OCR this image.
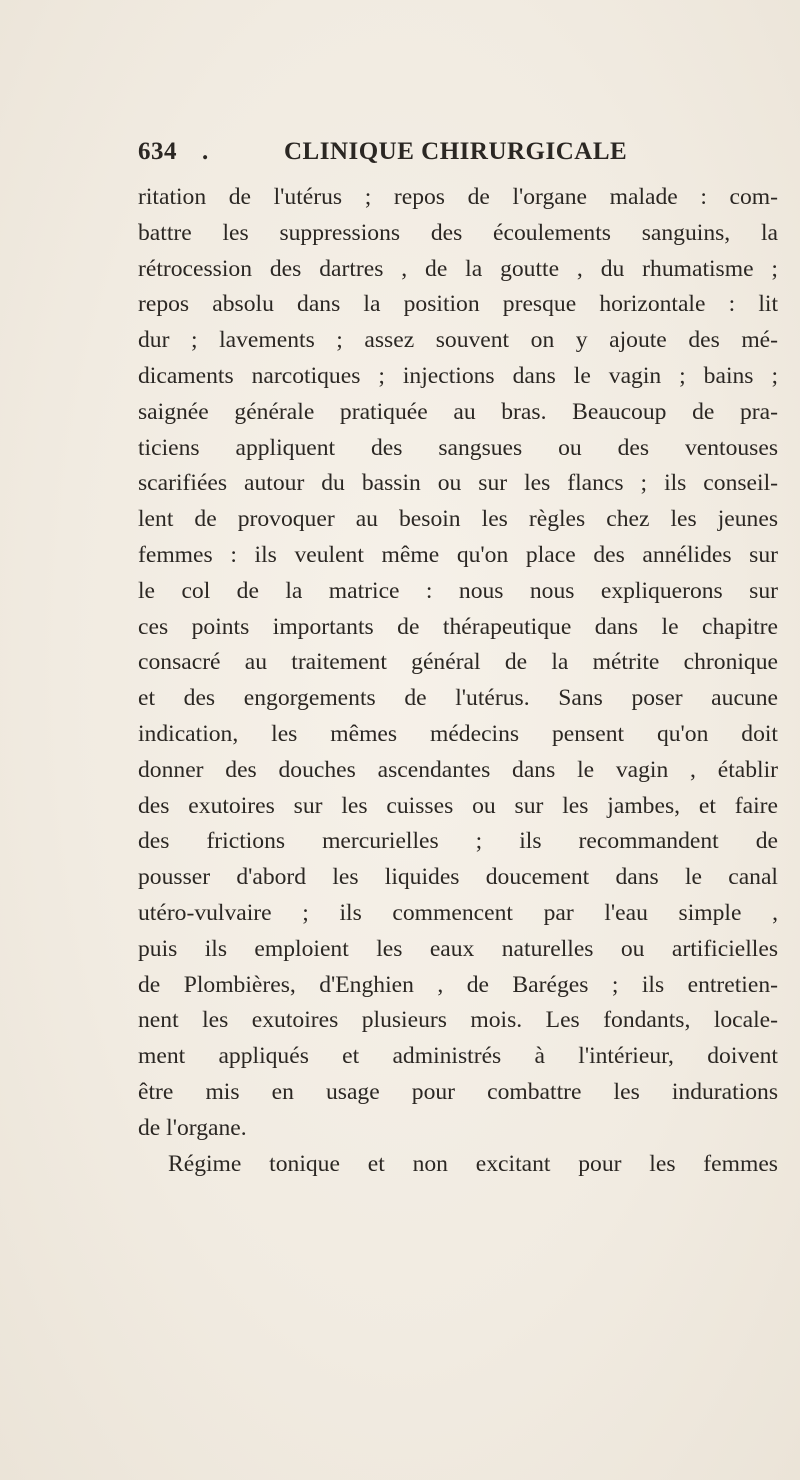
634 .	CLINIQUE CHIRURGICALE
ritation de l'utérus ; repos de l'organe malade : com-
battre les suppressions des écoulements sanguins, la
rétrocession des dartres , de la goutte , du rhumatisme ;
repos absolu dans la position presque horizontale : lit
dur ; lavements ; assez souvent on y ajoute des mé-
dicaments narcotiques ; injections dans le vagin ; bains ;
saignée générale pratiquée au bras. Beaucoup de pra-
ticiens appliquent des sangsues ou des ventouses
scarifiées autour du bassin ou sur les flancs ; ils conseil-
lent de provoquer au besoin les règles chez les jeunes
femmes : ils veulent même qu'on place des annélides sur
le col de la matrice : nous nous expliquerons sur
ces points importants de thérapeutique dans le chapitre
consacré au traitement général de la métrite chronique
et des engorgements de l'utérus. Sans poser aucune
indication, les mêmes médecins pensent qu'on doit
donner des douches ascendantes dans le vagin , établir
des exutoires sur les cuisses ou sur les jambes, et faire
des frictions mercurielles ; ils recommandent de
pousser d'abord les liquides doucement dans le canal
utéro-vulvaire ; ils commencent par l'eau simple ,
puis ils emploient les eaux naturelles ou artificielles
de Plombières, d'Enghien , de Baréges ; ils entretien-
nent les exutoires plusieurs mois. Les fondants, locale-
ment appliqués et administrés à l'intérieur, doivent
être mis en usage pour combattre les indurations
de l'organe.
Régime tonique et non excitant pour les femmes
